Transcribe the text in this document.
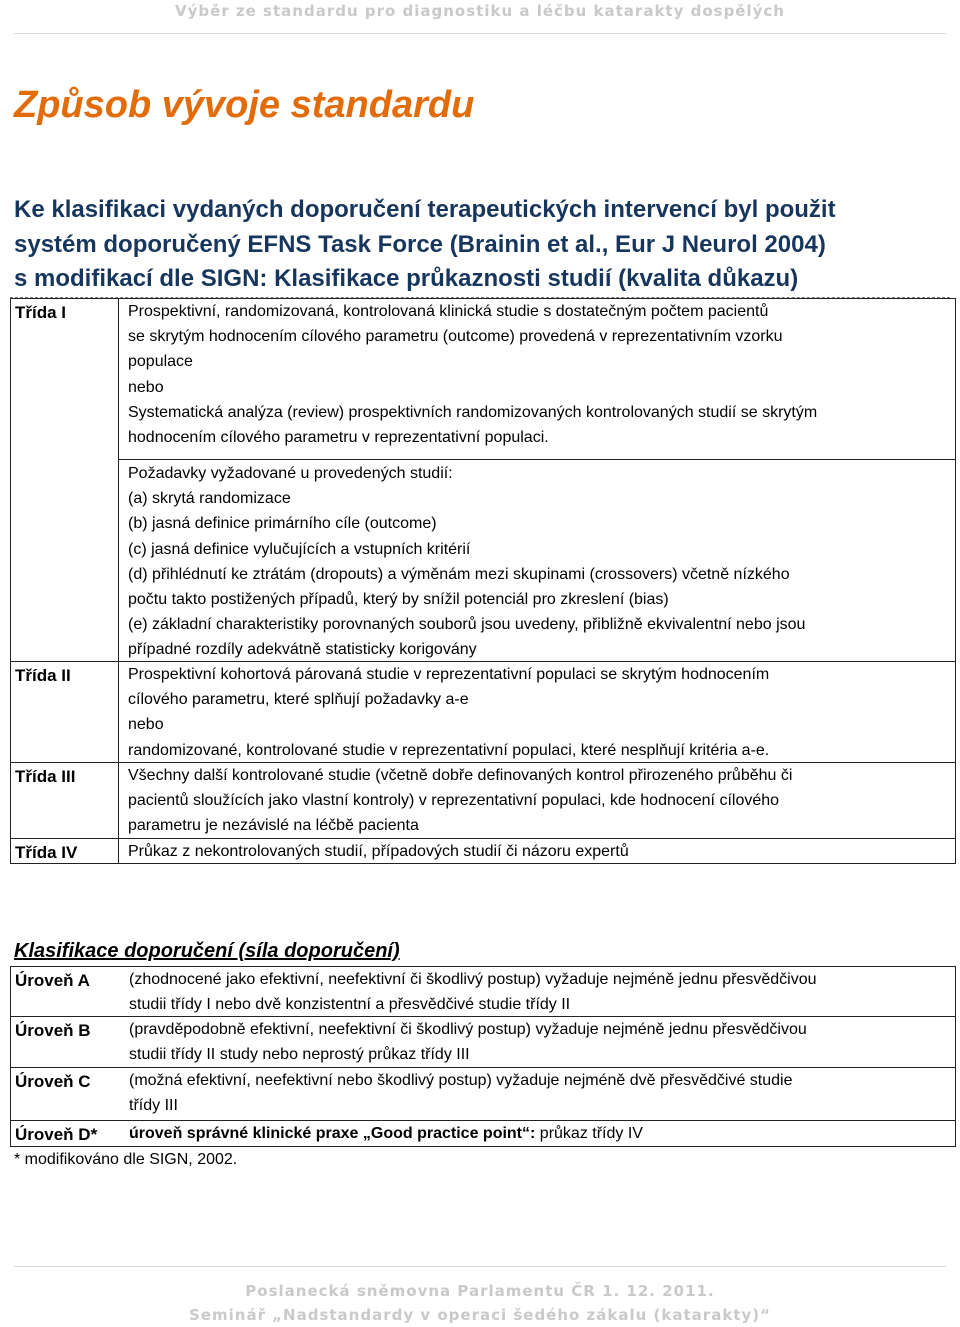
Výběr ze standardu pro diagnostiku a léčbu katarakty dospělých
Způsob vývoje standardu
Ke klasifikaci vydaných doporučení terapeutických intervencí byl použit
systém doporučený EFNS Task Force (Brainin et al., Eur J Neurol 2004)
s modifikací dle SIGN: Klasifikace průkaznosti studií (kvalita důkazu)
Třída I	Prospektivní, randomizovaná, kontrolovaná klinická studie s dostatečným počtem pacientů
se skrytým hodnocením cílového parametru (outcome) provedená v reprezentativním vzorku
populace
nebo
Systematická analýza (review) prospektivních randomizovaných kontrolovaných studií se skrytým
hodnocením cílového parametru v reprezentativní populaci.
Požadavky vyžadované u provedených studií:
(a) skrytá randomizace
(b) jasná definice primárního cíle (outcome)
(c) jasná definice vylučujících a vstupních kritérií
(d) přihlédnutí ke ztrátám (dropouts) a výměnám mezi skupinami (crossovers) včetně nízkého
počtu takto postižených případů, který by snížil potenciál pro zkreslení (bias)
(e) základní charakteristiky porovnaných souborů jsou uvedeny, přibližně ekvivalentní nebo jsou
případné rozdíly adekvátně statisticky korigovány
Třída II	Prospektivní kohortová párovaná studie v reprezentativní populaci se skrytým hodnocením
cílového parametru, které splňují požadavky a-e
nebo
randomizované, kontrolované studie v reprezentativní populaci, které nesplňují kritéria a-e.
Třída III	Všechny další kontrolované studie (včetně dobře definovaných kontrol přirozeného průběhu či
pacientů sloužících jako vlastní kontroly) v reprezentativní populaci, kde hodnocení cílového
parametru je nezávislé na léčbě pacienta
Třída IV	Průkaz z nekontrolovaných studií, případových studií či názoru expertů
Klasifikace doporučení (síla doporučení)
Úroveň A (zhodnocené jako efektivní, neefektivní či škodlivý postup) vyžaduje nejméně jednu přesvědčivou
studii třídy I nebo dvě konzistentní a přesvědčivé studie třídy II
Úroveň B (pravděpodobně efektivní, neefektivní či škodlivý postup) vyžaduje nejméně jednu přesvědčivou
studii třídy II study nebo neprostý průkaz třídy III
Úroveň C (možná efektivní, neefektivní nebo škodlivý postup) vyžaduje nejméně dvě přesvědčivé studie
třídy III
Úroveň D* úroveň správné klinické praxe „Good practice point“: průkaz třídy IV
* modifikováno dle SIGN, 2002.
Poslanecká sněmovna Parlamentu ČR 1. 12. 2011.
Seminář „Nadstandardy v operaci šedého zákalu (katarakty)“
